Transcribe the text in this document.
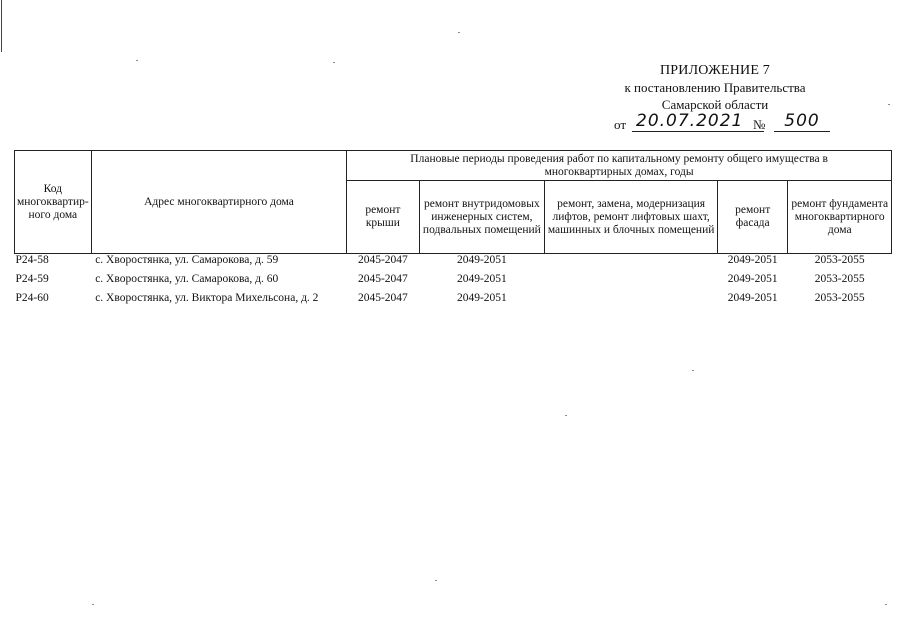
ПРИЛОЖЕНИЕ 7
к постановлению Правительства
Самарской области
от 20.07.2021 №	500
Код многоквартир-ного дома	Адрес многоквартирного дома	Плановые периоды проведения работ по капитальному ремонту общего имущества в многоквартирных домах, годы				
		ремонт крыши	ремонт внутридомовых инженерных систем, подвальных помещений	ремонт, замена, модернизация лифтов, ремонт лифтовых шахт, машинных и блочных помещений	ремонт фасада	ремонт фундамента многоквартирного дома
Р24-58	с. Хворостянка, ул. Самарокова, д. 59	2045-2047	2049-2051		2049-2051	2053-2055
Р24-59	с. Хворостянка, ул. Самарокова, д. 60	2045-2047	2049-2051		2049-2051	2053-2055
Р24-60	с. Хворостянка, ул. Виктора Михельсона, д. 2	2045-2047	2049-2051		2049-2051	2053-2055
